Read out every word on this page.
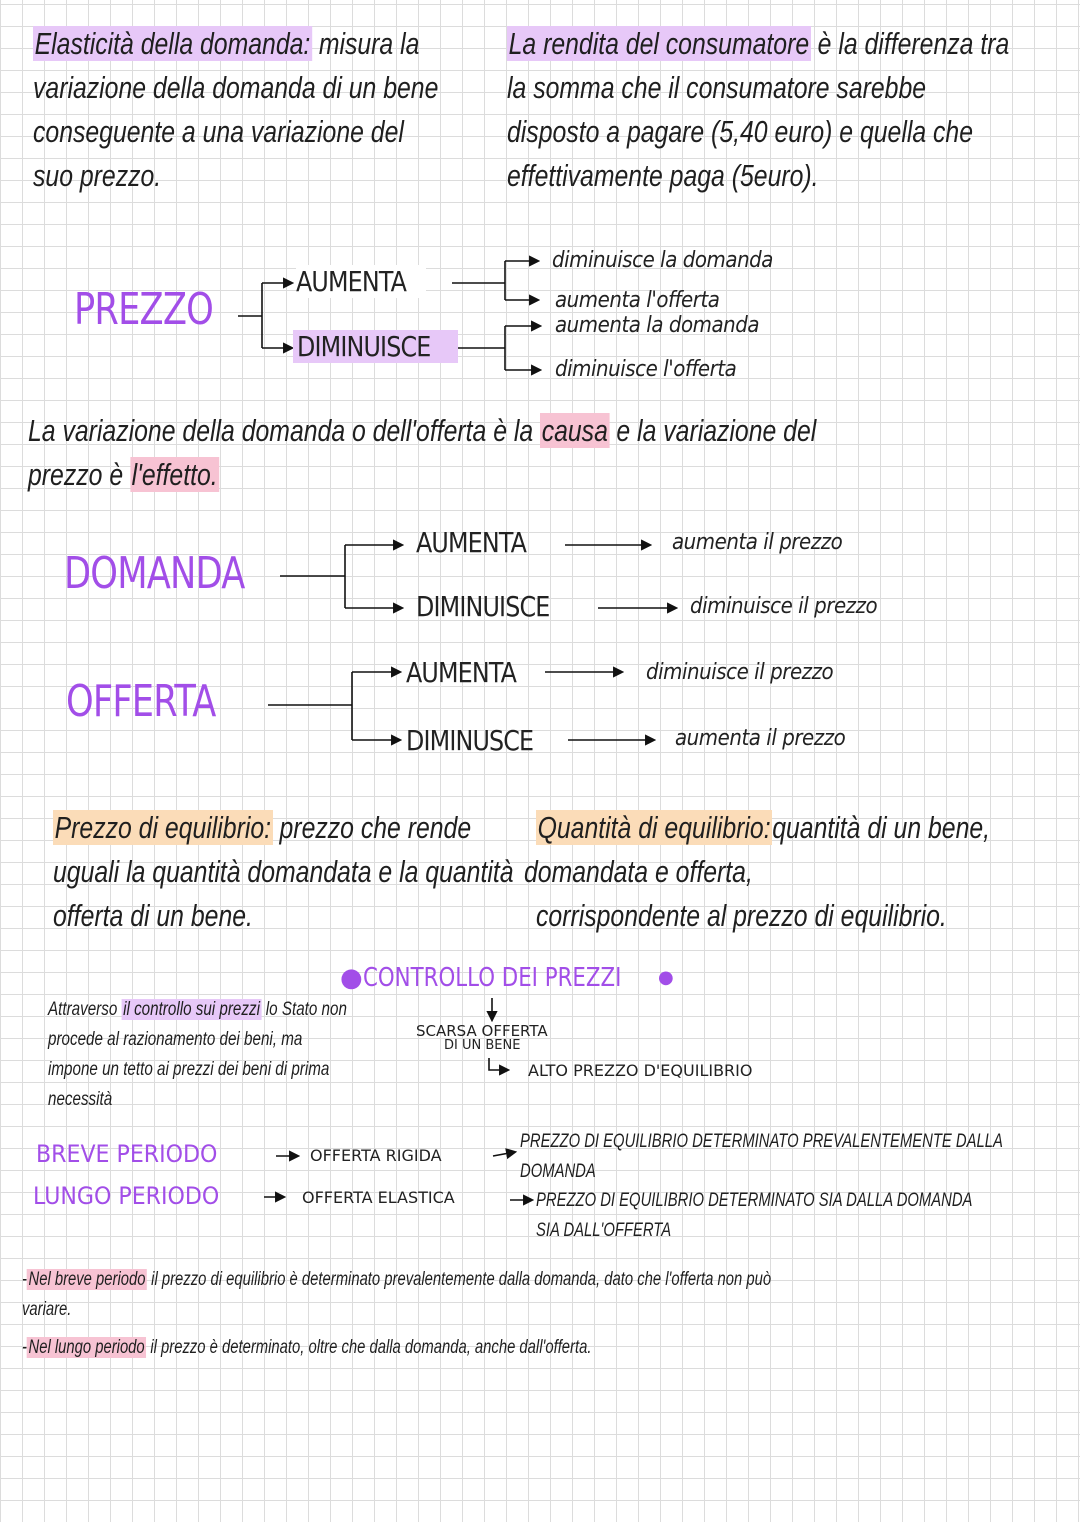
Elasticità della domanda: misura la
variazione della domanda di un bene
conseguente a una variazione del
suo prezzo.
La rendita del consumatore è la differenza tra
la somma che il consumatore sarebbe
disposto a pagare (5,40 euro) e quella che
effettivamente paga (5euro).
PREZZO
AUMENTA
DIMINUISCE
diminuisce la domanda
aumenta l'offerta
aumenta la domanda
diminuisce l'offerta
La variazione della domanda o dell'offerta è la causa e la variazione del
prezzo è l'effetto.
DOMANDA
AUMENTA
DIMINUISCE
aumenta il prezzo
diminuisce il prezzo
OFFERTA
AUMENTA
DIMINUSCE
diminuisce il prezzo
aumenta il prezzo
Prezzo di equilibrio: prezzo che rende
uguali la quantità domandata e la quantità
offerta di un bene.
Quantità di equilibrio:quantità di un bene,
domandata e offerta,
corrispondente al prezzo di equilibrio.
●CONTROLLO DEI PREZZI	●
Attraverso il controllo sui prezzi lo Stato non
procede al razionamento dei beni, ma
impone un tetto ai prezzi dei beni di prima
necessità
SCARSA OFFERTA
DI UN BENE
ALTO PREZZO D'EQUILIBRIO
BREVE PERIODO	OFFERTA RIGIDA
PREZZO DI EQUILIBRIO DETERMINATO PREVALENTEMENTE DALLA
DOMANDA
LUNGO PERIODO	OFFERTA ELASTICA	PREZZO DI EQUILIBRIO DETERMINATO SIA DALLA DOMANDA
SIA DALL'OFFERTA
-Nel breve periodo il prezzo di equilibrio è determinato prevalentemente dalla domanda, dato che l'offerta non può
variare.
-Nel lungo periodo il prezzo è determinato, oltre che dalla domanda, anche dall'offerta.
